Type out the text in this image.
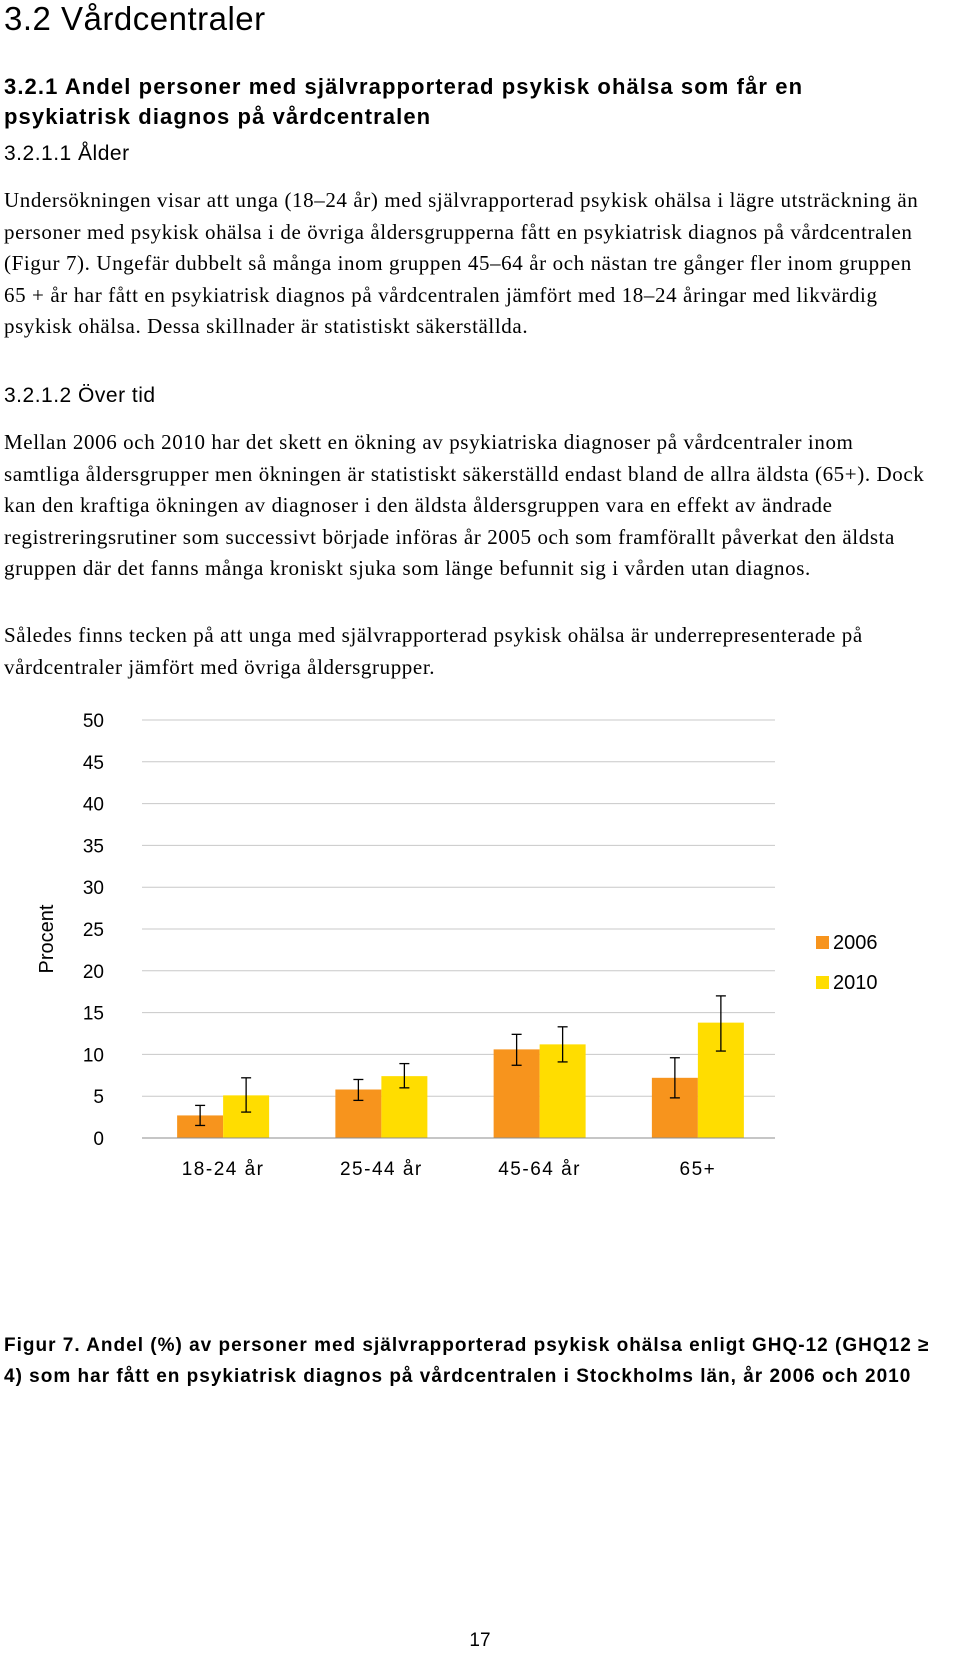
3.2 Vårdcentraler
3.2.1 Andel personer med självrapporterad psykisk ohälsa som får en psykiatrisk diagnos på vårdcentralen
3.2.1.1 Ålder

Undersökningen visar att unga (18–24 år) med självrapporterad psykisk ohälsa i lägre utsträckning än personer med psykisk ohälsa i de övriga åldersgrupperna fått en psykiatrisk diagnos på vårdcentralen (Figur 7). Ungefär dubbelt så många inom gruppen 45–64 år och nästan tre gånger fler inom gruppen 65 + år har fått en psykiatrisk diagnos på vårdcentralen jämfört med 18–24 åringar med likvärdig psykisk ohälsa. Dessa skillnader är statistiskt säkerställda.

3.2.1.2 Över tid

Mellan 2006 och 2010 har det skett en ökning av psykiatriska diagnoser på vårdcentraler inom samtliga åldersgrupper men ökningen är statistiskt säkerställd endast bland de allra äldsta (65+). Dock kan den kraftiga ökningen av diagnoser i den äldsta åldersgruppen vara en effekt av ändrade registreringsrutiner som successivt började införas år 2005 och som framförallt påverkat den äldsta gruppen där det fanns många kroniskt sjuka som länge befunnit sig i vården utan diagnos.

Således finns tecken på att unga med självrapporterad psykisk ohälsa är underrepresenterade på vårdcentraler jämfört med övriga åldersgrupper.

0
5
10
15
20
25
30
35
40
45
50
Procent
18-24 år	25-44 år	45-64 år	65+
2006
2010

Figur 7. Andel (%) av personer med självrapporterad psykisk ohälsa enligt GHQ-12 (GHQ12 ≥ 4) som har fått en psykiatrisk diagnos på vårdcentralen i Stockholms län, år 2006 och 2010

17
